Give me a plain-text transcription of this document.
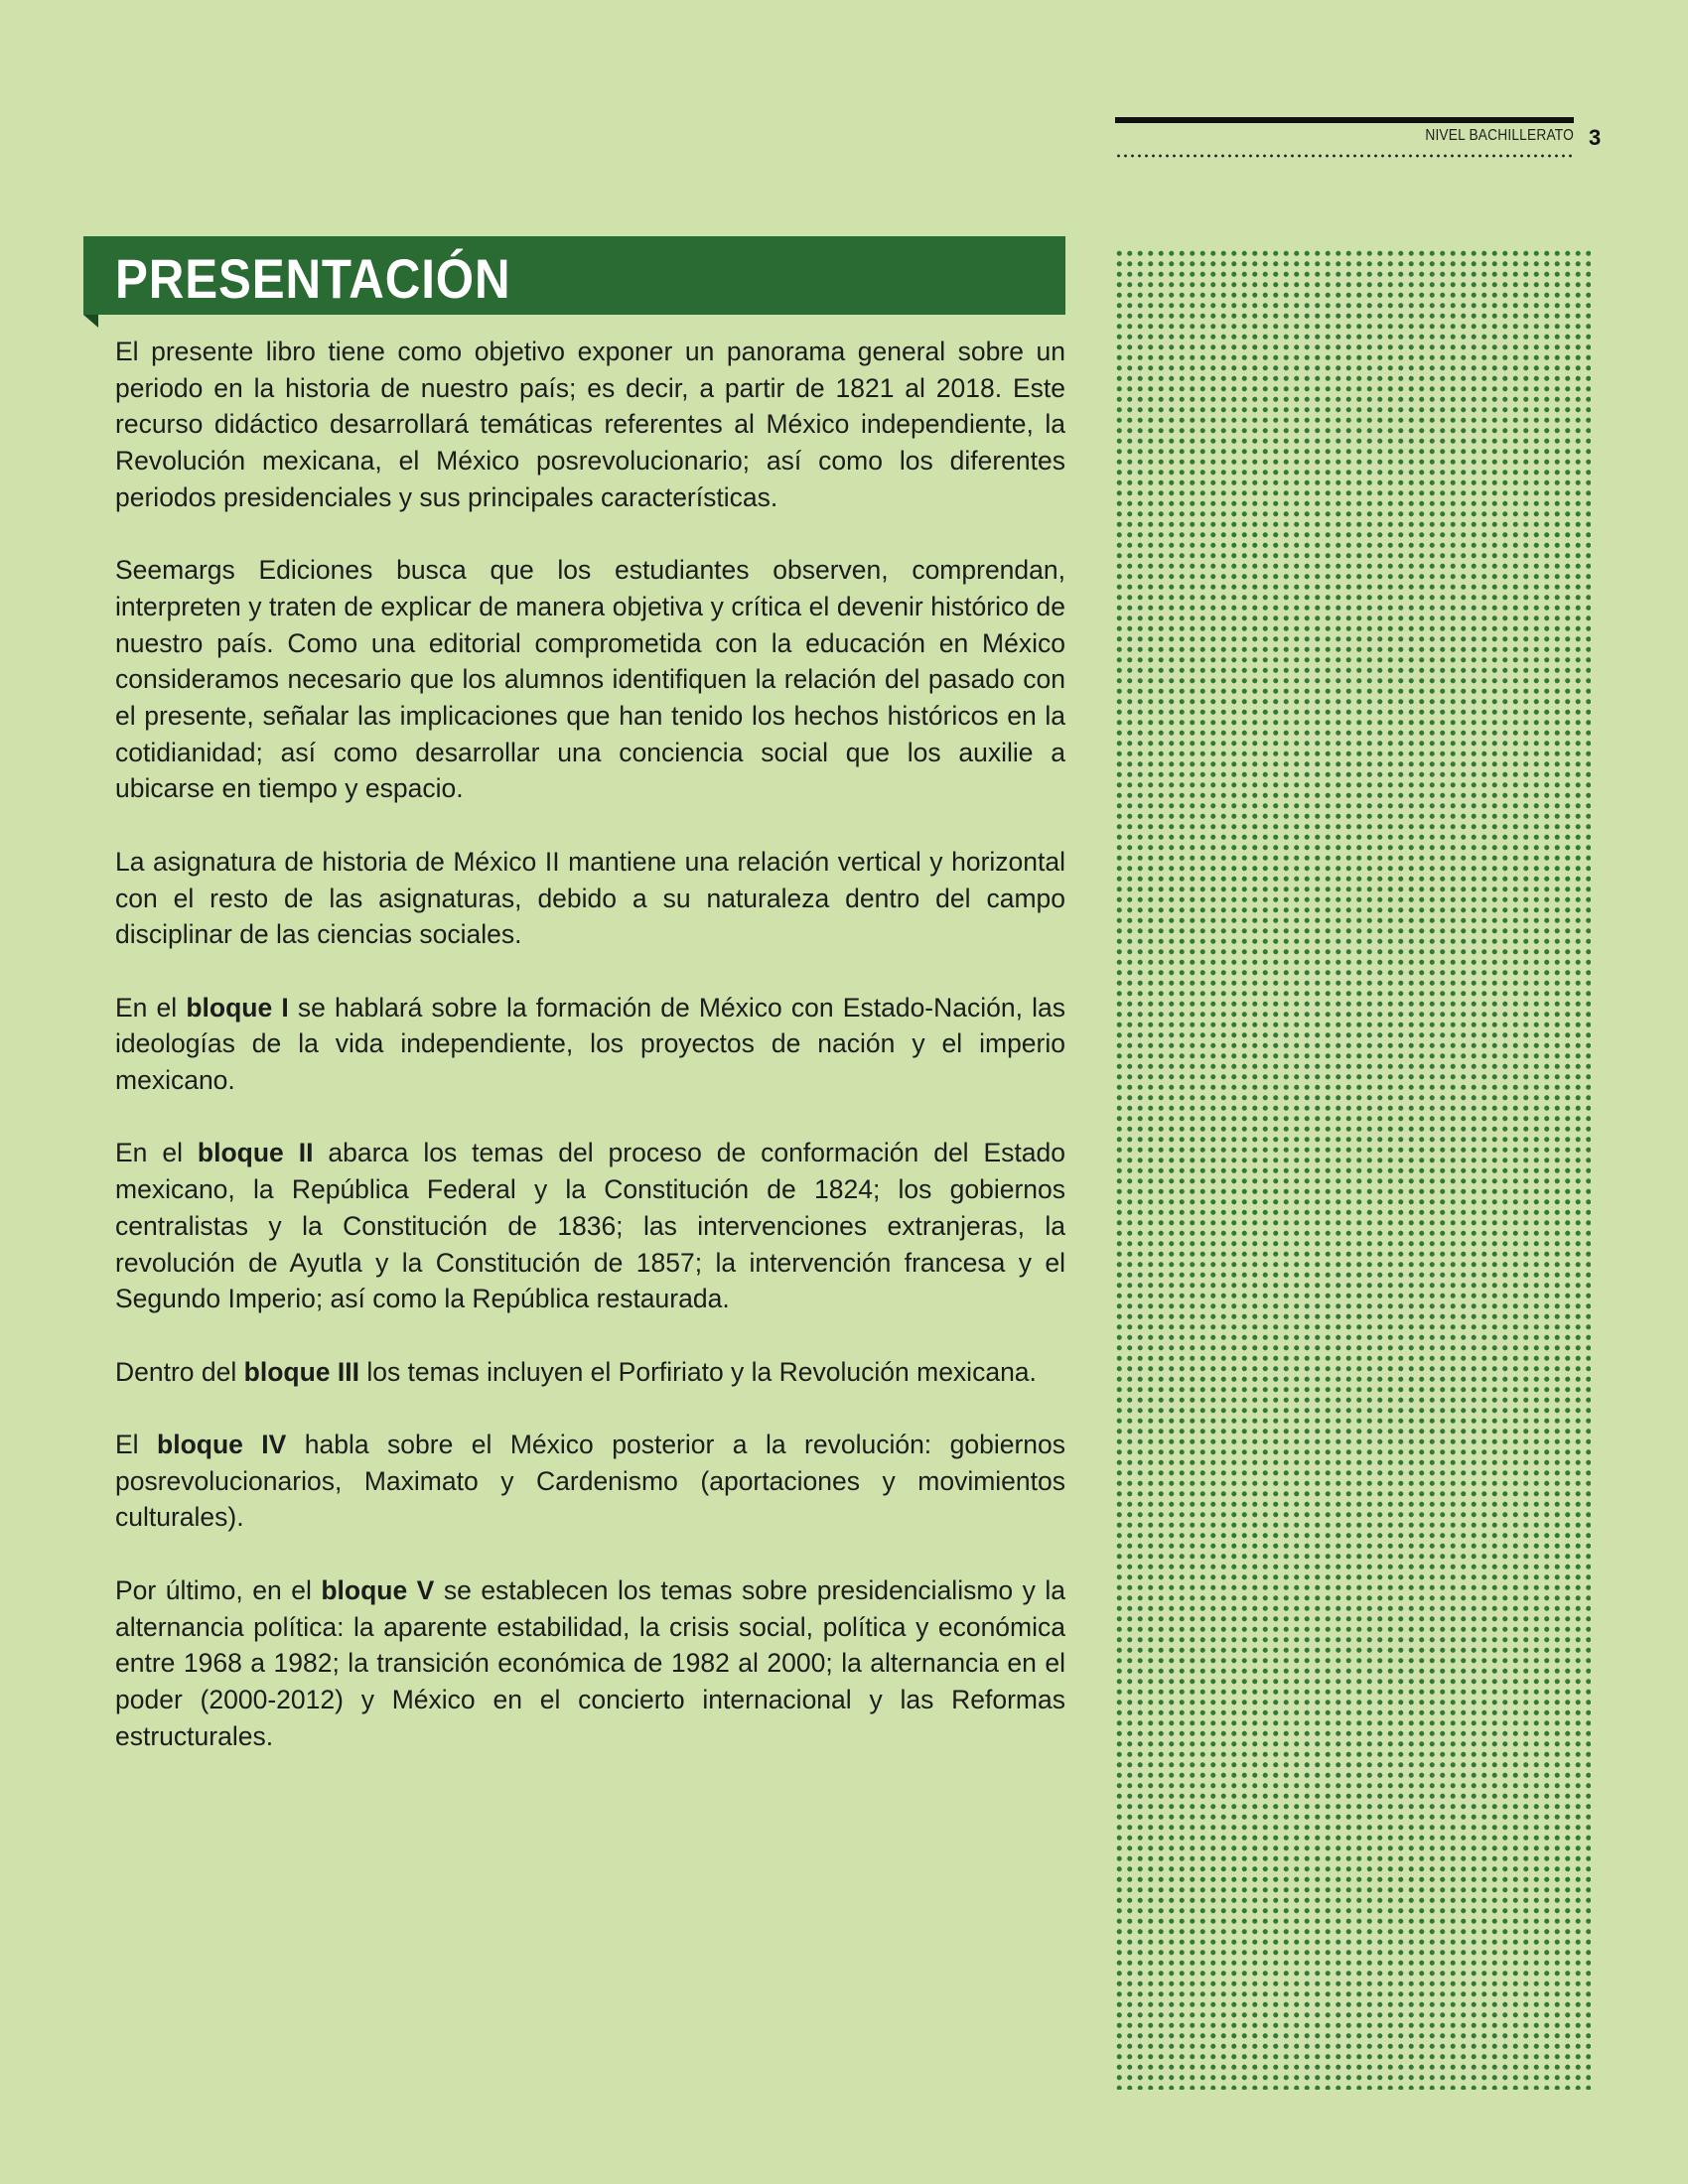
NIVEL BACHILLERATO 3
PRESENTACIÓN

El presente libro tiene como objetivo exponer un panorama general sobre un periodo en la historia de nuestro país; es decir, a partir de 1821 al 2018. Este recurso didáctico desarrollará temáticas referentes al México independiente, la Revolución mexicana, el México posrevolucionario; así como los diferentes periodos presidenciales y sus principales características.

Seemargs Ediciones busca que los estudiantes observen, comprendan, interpreten y traten de explicar de manera objetiva y crítica el devenir histórico de nuestro país. Como una editorial comprometida con la educación en México consideramos necesario que los alumnos identifiquen la relación del pasado con el presente, señalar las implicaciones que han tenido los hechos históricos en la cotidianidad; así como desarrollar una conciencia social que los auxilie a ubicarse en tiempo y espacio.

La asignatura de historia de México II mantiene una relación vertical y horizontal con el resto de las asignaturas, debido a su naturaleza dentro del campo disciplinar de las ciencias sociales.

En el bloque I se hablará sobre la formación de México con Estado-Nación, las ideologías de la vida independiente, los proyectos de nación y el imperio mexicano.

En el bloque II abarca los temas del proceso de conformación del Estado mexicano, la República Federal y la Constitución de 1824; los gobiernos centralistas y la Constitución de 1836; las intervenciones extranjeras, la revolución de Ayutla y la Constitución de 1857; la intervención francesa y el Segundo Imperio; así como la República restaurada.

Dentro del bloque III los temas incluyen el Porfiriato y la Revolución mexicana.

El bloque IV habla sobre el México posterior a la revolución: gobiernos posrevolucionarios, Maximato y Cardenismo (aportaciones y movimientos culturales).

Por último, en el bloque V se establecen los temas sobre presidencialismo y la alternancia política: la aparente estabilidad, la crisis social, política y económica entre 1968 a 1982; la transición económica de 1982 al 2000; la alternancia en el poder (2000-2012) y México en el concierto internacional y las Reformas estructurales.
